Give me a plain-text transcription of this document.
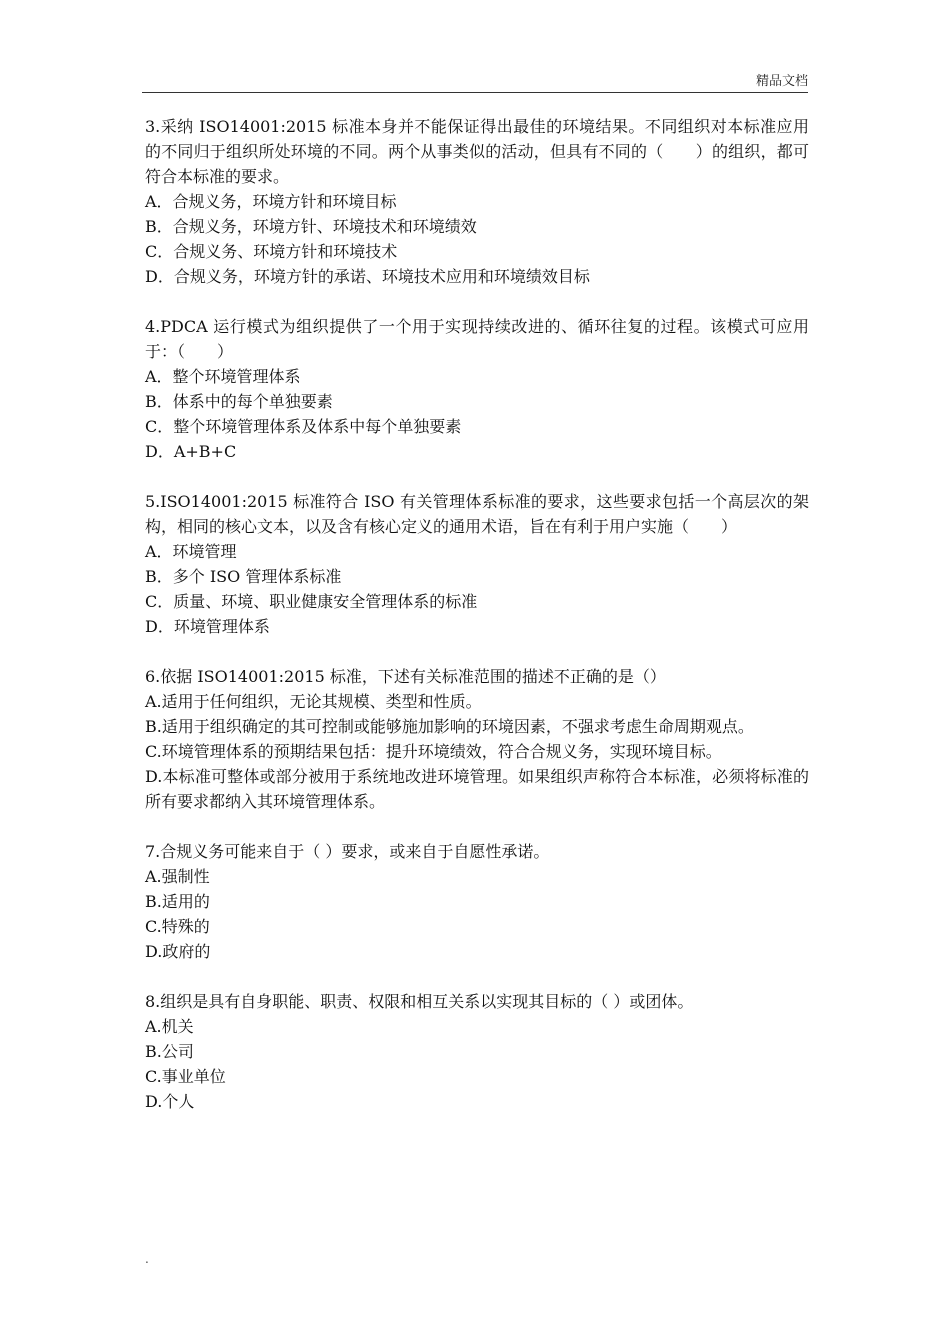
精品文档

3.采纳 ISO14001:2015 标准本身并不能保证得出最佳的环境结果。不同组织对本标准应用的不同归于组织所处环境的不同。两个从事类似的活动，但具有不同的（　　）的组织，都可符合本标准的要求。

A．合规义务，环境方针和环境目标

B．合规义务，环境方针、环境技术和环境绩效

C．合规义务、环境方针和环境技术

D．合规义务，环境方针的承诺、环境技术应用和环境绩效目标

4.PDCA 运行模式为组织提供了一个用于实现持续改进的、循环往复的过程。该模式可应用于：（　　）

A．整个环境管理体系

B．体系中的每个单独要素

C．整个环境管理体系及体系中每个单独要素

D．A+B+C

5.ISO14001:2015 标准符合 ISO 有关管理体系标准的要求，这些要求包括一个高层次的架构，相同的核心文本，以及含有核心定义的通用术语，旨在有利于用户实施（　　）

A．环境管理

B．多个 ISO 管理体系标准

C．质量、环境、职业健康安全管理体系的标准

D．环境管理体系

6.依据 ISO14001:2015 标准，下述有关标准范围的描述不正确的是（）

A.适用于任何组织，无论其规模、类型和性质。

B.适用于组织确定的其可控制或能够施加影响的环境因素，不强求考虑生命周期观点。

C.环境管理体系的预期结果包括：提升环境绩效，符合合规义务，实现环境目标。

D.本标准可整体或部分被用于系统地改进环境管理。如果组织声称符合本标准，必须将标准的所有要求都纳入其环境管理体系。

7.合规义务可能来自于（ ）要求，或来自于自愿性承诺。

A.强制性

B.适用的

C.特殊的

D.政府的

8.组织是具有自身职能、职责、权限和相互关系以实现其目标的（ ）或团体。

A.机关

B.公司

C.事业单位

D.个人

.
